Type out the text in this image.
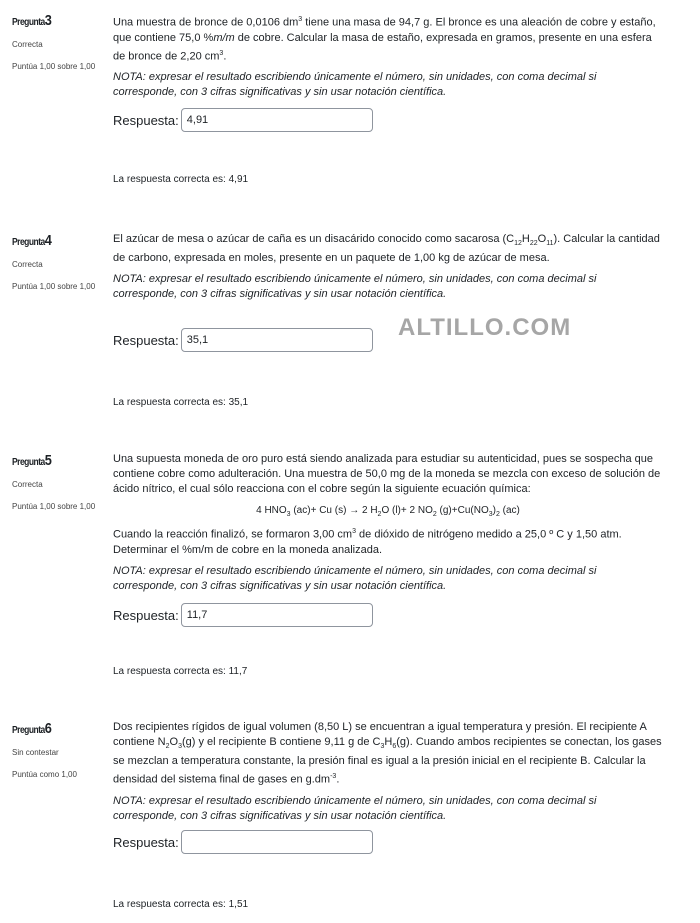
Pregunta3
Correcta
Puntúa 1,00 sobre 1,00

Una muestra de bronce de 0,0106 $dm^3$ tiene una masa de 94,7 g. El bronce es una aleación de cobre y estaño, que contiene 75,0 %m/m de cobre. Calcular la masa de estaño, expresada en gramos, presente en una esfera de bronce de 2,20 $cm^3$.

NOTA: expresar el resultado escribiendo únicamente el número, sin unidades, con coma decimal si corresponde, con 3 cifras significativas y sin usar notación científica.

Respuesta:
4,91
La respuesta correcta es: 4,91
Pregunta4
Correcta
Puntúa 1,00 sobre 1,00

El azúcar de mesa o azúcar de caña es un disacárido conocido como sacarosa $(C_{12}H_{22}O_{11})$. Calcular la cantidad de carbono, expresada en moles, presente en un paquete de 1,00 kg de azúcar de mesa.

NOTA: expresar el resultado escribiendo únicamente el número, sin unidades, con coma decimal si corresponde, con 3 cifras significativas y sin usar notación científica.

Respuesta:
35,1
La respuesta correcta es: 35,1
Pregunta5
Correcta
Puntúa 1,00 sobre 1,00

Una supuesta moneda de oro puro está siendo analizada para estudiar su autenticidad, pues se sospecha que contiene cobre como adulteración. Una muestra de 50,0 mg de la moneda se mezcla con exceso de solución de ácido nítrico, el cual sólo reacciona con el cobre según la siguiente ecuación química:

4 $HNO_3$ (ac)+ Cu (s) → 2 $H_2O$ (l)+ 2 $NO_2$ $(g)+Cu(NO_3)_2$ (ac)

Cuando la reacción finalizó, se formaron 3,00 $cm^3$ de dióxido de nitrógeno medido a 25,0 º C y 1,50 atm. Determinar el %m/m de cobre en la moneda analizada.

NOTA: expresar el resultado escribiendo únicamente el número, sin unidades, con coma decimal si corresponde, con 3 cifras significativas y sin usar notación científica.

Respuesta:
11,7
La respuesta correcta es: 11,7
Pregunta6
Sin contestar
Puntúa como 1,00

Dos recipientes rígidos de igual volumen (8,50 L) se encuentran a igual temperatura y presión. El recipiente A contiene $N_2O_3(g)$ y el recipiente B contiene 9,11 g de $C_3H_6(g)$. Cuando ambos recipientes se conectan, los gases se mezclan a temperatura constante, la presión final es igual a la presión inicial en el recipiente B. Calcular la densidad del sistema final de gases en $g.dm^{-3}$.

NOTA: expresar el resultado escribiendo únicamente el número, sin unidades, con coma decimal si corresponde, con 3 cifras significativas y sin usar notación científica.

Respuesta:
La respuesta correcta es: 1,51
ALTILLO.COM
